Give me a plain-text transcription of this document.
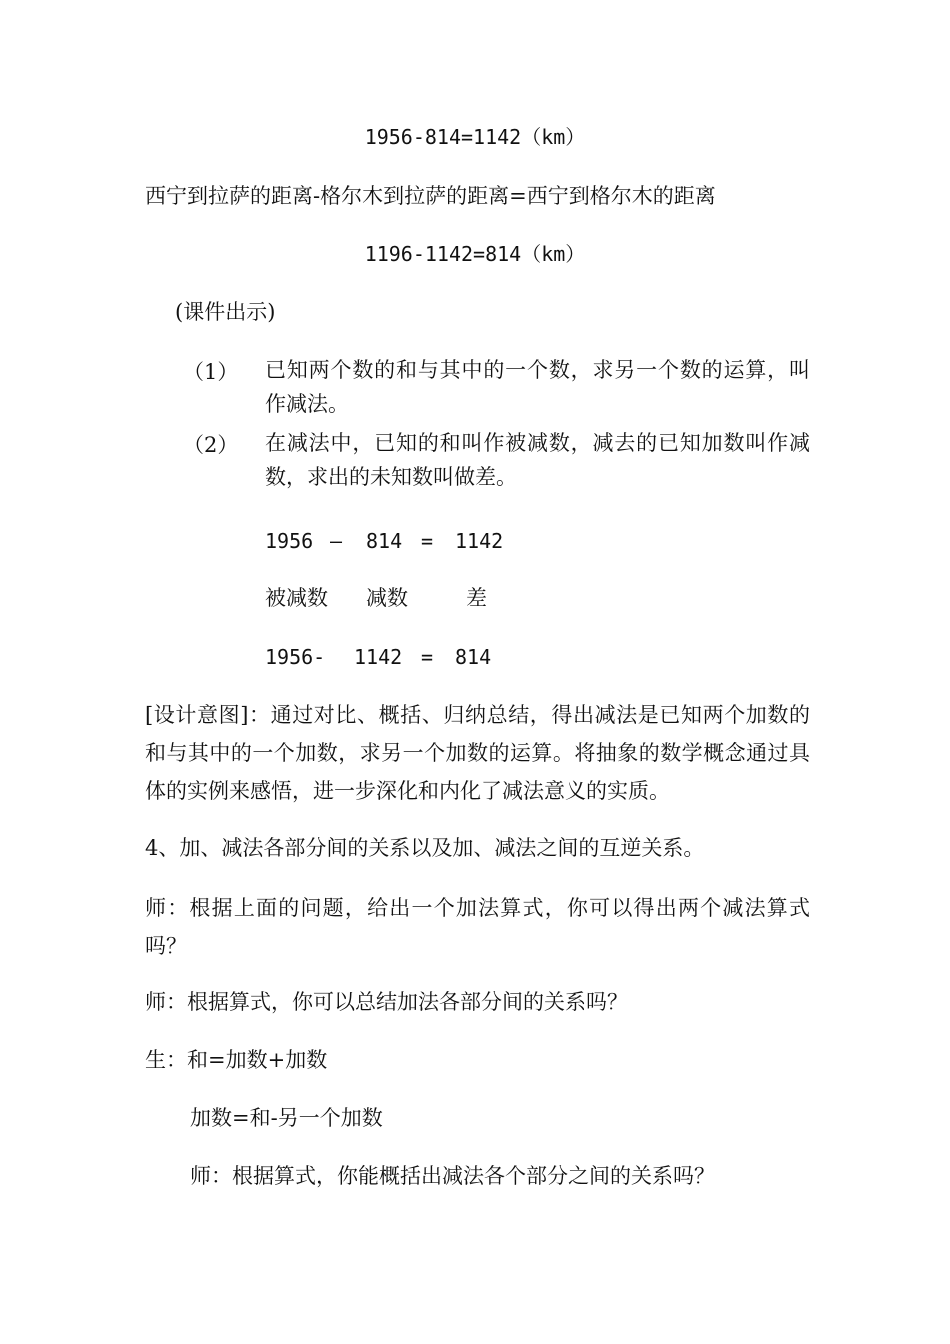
1956-814=1142（km）
西宁到拉萨的距离-格尔木到拉萨的距离=西宁到格尔木的距离
1196-1142=814（km）
(课件出示)
（1） 已知两个数的和与其中的一个数，求另一个数的运算，叫作减法。
（2） 在减法中，已知的和叫作被减数，减去的已知加数叫作减数，求出的未知数叫做差。
1956 – 814 = 1142
被减数 减数	差
1956- 1142 = 814
[设计意图]：通过对比、概括、归纳总结，得出减法是已知两个加数的和与其中的一个加数，求另一个加数的运算。将抽象的数学概念通过具体的实例来感悟，进一步深化和内化了减法意义的实质。
4、加、减法各部分间的关系以及加、减法之间的互逆关系。
师：根据上面的问题，给出一个加法算式，你可以得出两个减法算式吗？
师：根据算式，你可以总结加法各部分间的关系吗？
生：和=加数+加数
加数=和-另一个加数
师：根据算式，你能概括出减法各个部分之间的关系吗？
